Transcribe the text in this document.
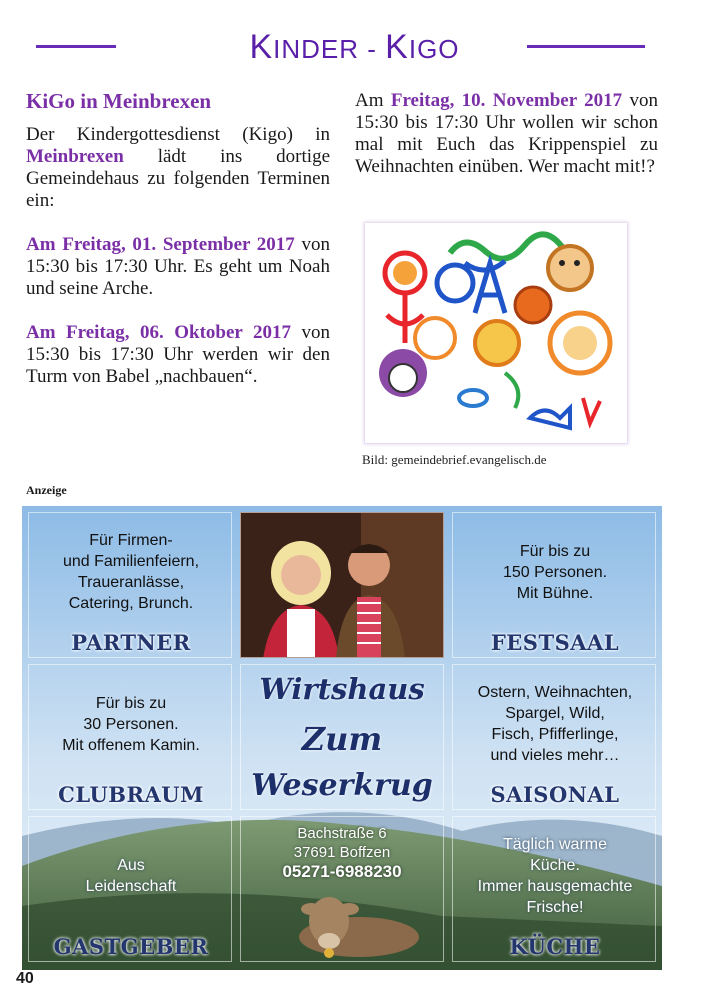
KINDER - KIGO
KiGo in Meinbrexen

Der Kindergottesdienst (Kigo) in Meinbrexen lädt ins dortige Gemeindehaus zu folgenden Terminen ein:

Am Freitag, 01. September 2017 von 15:30 bis 17:30 Uhr. Es geht um Noah und seine Arche.

Am Freitag, 06. Oktober 2017 von 15:30 bis 17:30 Uhr werden wir den Turm von Babel „nachbauen“.

Am Freitag, 10. November 2017 von 15:30 bis 17:30 Uhr wollen wir schon mal mit Euch das Krippenspiel zu Weihnachten einüben. Wer macht mit!?

Bild: gemeindebrief.evangelisch.de
Anzeige
Für Firmen-
und Familienfeiern,
Traueranlässe,
Catering, Brunch.
PARTNER
Für bis zu
150 Personen.
Mit Bühne.
FESTSAAL
Für bis zu
30 Personen.
Mit offenem Kamin.
CLUBRAUM
Wirtshaus
Zum
Weserkrug
Ostern, Weihnachten,
Spargel, Wild,
Fisch, Pfifferlinge,
und vieles mehr…
SAISONAL
Aus
Leidenschaft
GASTGEBER
Bachstraße 6
37691 Boffzen
05271-6988230
Täglich warme
Küche.
Immer hausgemachte
Frische!
KÜCHE
40
